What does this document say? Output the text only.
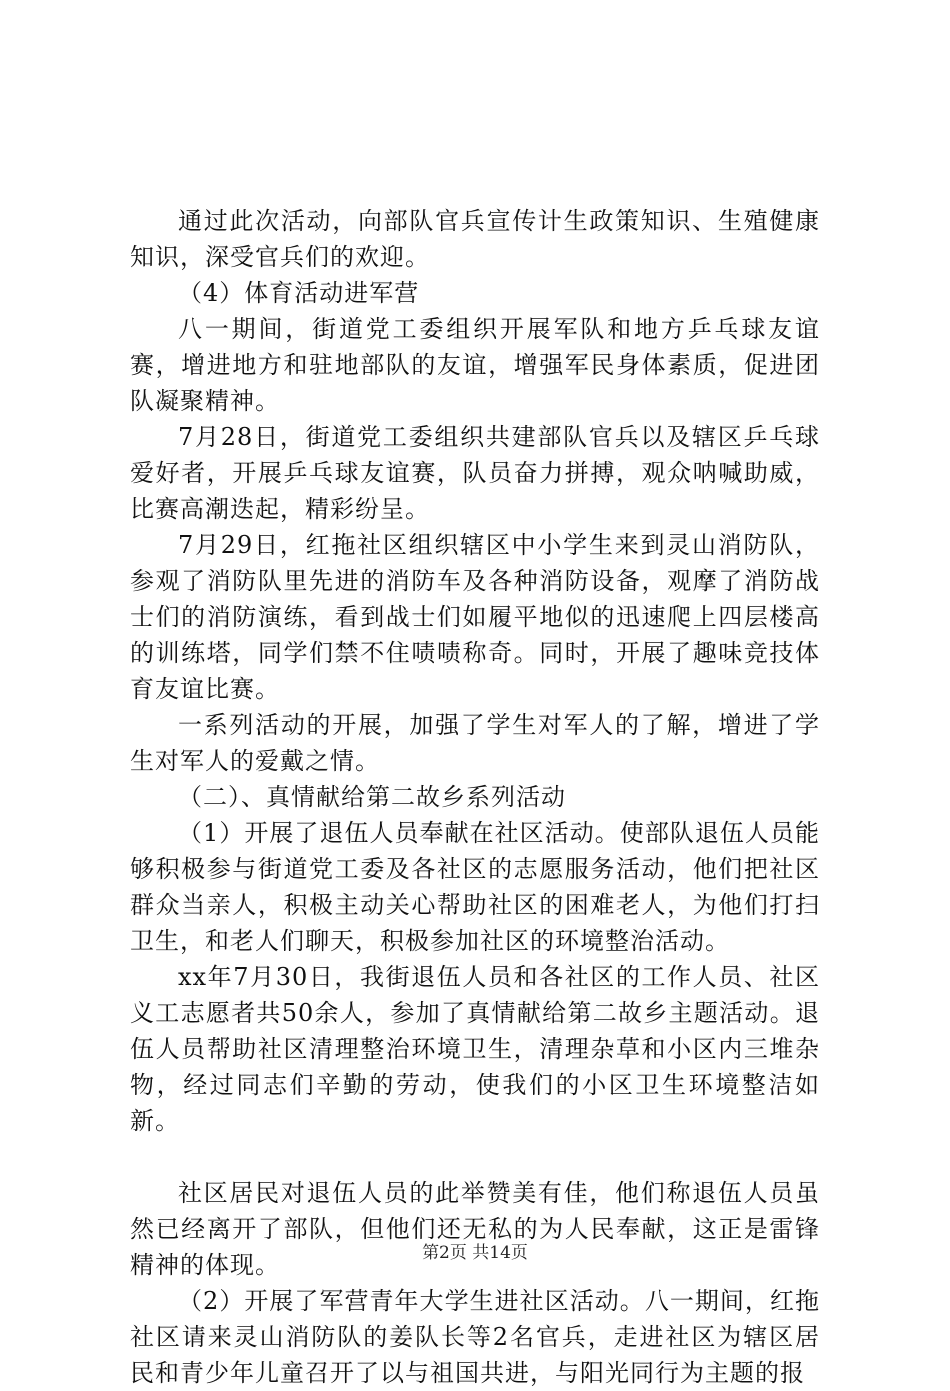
通过此次活动，向部队官兵宣传计生政策知识、生殖健康知识，深受官兵们的欢迎。

（4）体育活动进军营

八一期间，街道党工委组织开展军队和地方乒乓球友谊赛，增进地方和驻地部队的友谊，增强军民身体素质，促进团队凝聚精神。

7月28日，街道党工委组织共建部队官兵以及辖区乒乓球爱好者，开展乒乓球友谊赛，队员奋力拼搏，观众呐喊助威，比赛高潮迭起，精彩纷呈。

7月29日，红拖社区组织辖区中小学生来到灵山消防队，参观了消防队里先进的消防车及各种消防设备，观摩了消防战士们的消防演练，看到战士们如履平地似的迅速爬上四层楼高的训练塔，同学们禁不住啧啧称奇。同时，开展了趣味竞技体育友谊比赛。

一系列活动的开展，加强了学生对军人的了解，增进了学生对军人的爱戴之情。

（二）、真情献给第二故乡系列活动

（1）开展了退伍人员奉献在社区活动。使部队退伍人员能够积极参与街道党工委及各社区的志愿服务活动，他们把社区群众当亲人，积极主动关心帮助社区的困难老人，为他们打扫卫生，和老人们聊天，积极参加社区的环境整治活动。

xx年7月30日，我街退伍人员和各社区的工作人员、社区义工志愿者共50余人，参加了真情献给第二故乡主题活动。退伍人员帮助社区清理整治环境卫生，清理杂草和小区内三堆杂物，经过同志们辛勤的劳动，使我们的小区卫生环境整洁如新。

社区居民对退伍人员的此举赞美有佳，他们称退伍人员虽然已经离开了部队，但他们还无私的为人民奉献，这正是雷锋精神的体现。

（2）开展了军营青年大学生进社区活动。八一期间，红拖社区请来灵山消防队的姜队长等2名官兵，走进社区为辖区居民和青少年儿童召开了以与祖国共进，与阳光同行为主题的报

第2页 共14页
